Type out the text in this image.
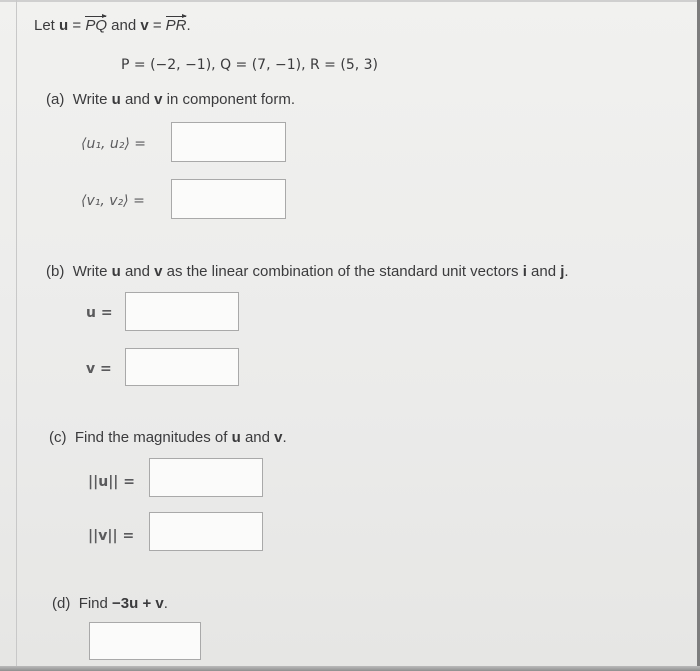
Let u = PQ and v = PR.
P = (−2, −1), Q = (7, −1), R = (5, 3)
(a) Write u and v in component form.
⟨u₁, u₂⟩ =
⟨v₁, v₂⟩ =
(b) Write u and v as the linear combination of the standard unit vectors i and j.
u =
v =
(c) Find the magnitudes of u and v.
||u|| =
||v|| =
(d) Find −3u + v.
